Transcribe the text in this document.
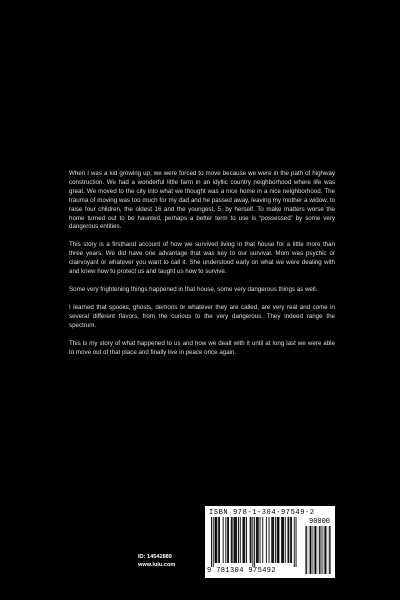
When I was a kid growing up, we were forced to move because we were in the path of highway construction. We had a wonderful little farm in an idyllic country neighborhood where life was great. We moved to the city into what we thought was a nice home in a nice neighborhood. The trauma of moving was too much for my dad and he passed away, leaving my mother a widow, to raise four children, the oldest 16 and the youngest, 5, by herself. To make matters worse the home turned out to be haunted, perhaps a better term to use is “possessed” by some very dangerous entities.

This story is a firsthand account of how we survived living in that house for a little more than three years. We did have one advantage that was key to our survival. Mom was psychic or clairvoyant or whatever you want to call it. She understood early on what we were dealing with and knew how to protect us and taught us how to survive.

Some very frightening things happened in that house, some very dangerous things as well.

I learned that spooks, ghosts, demons or whatever they are called, are very real and come in several different flavors, from the curious to the very dangerous. They indeed range the spectrum.

This is my story of what happened to us and how we dealt with it until at long last we were able to move out of that place and finally live in peace once again.

ID: 14542889
www.lulu.com
ISBN 978-1-304-97549-2
90000
9 781304 975492
